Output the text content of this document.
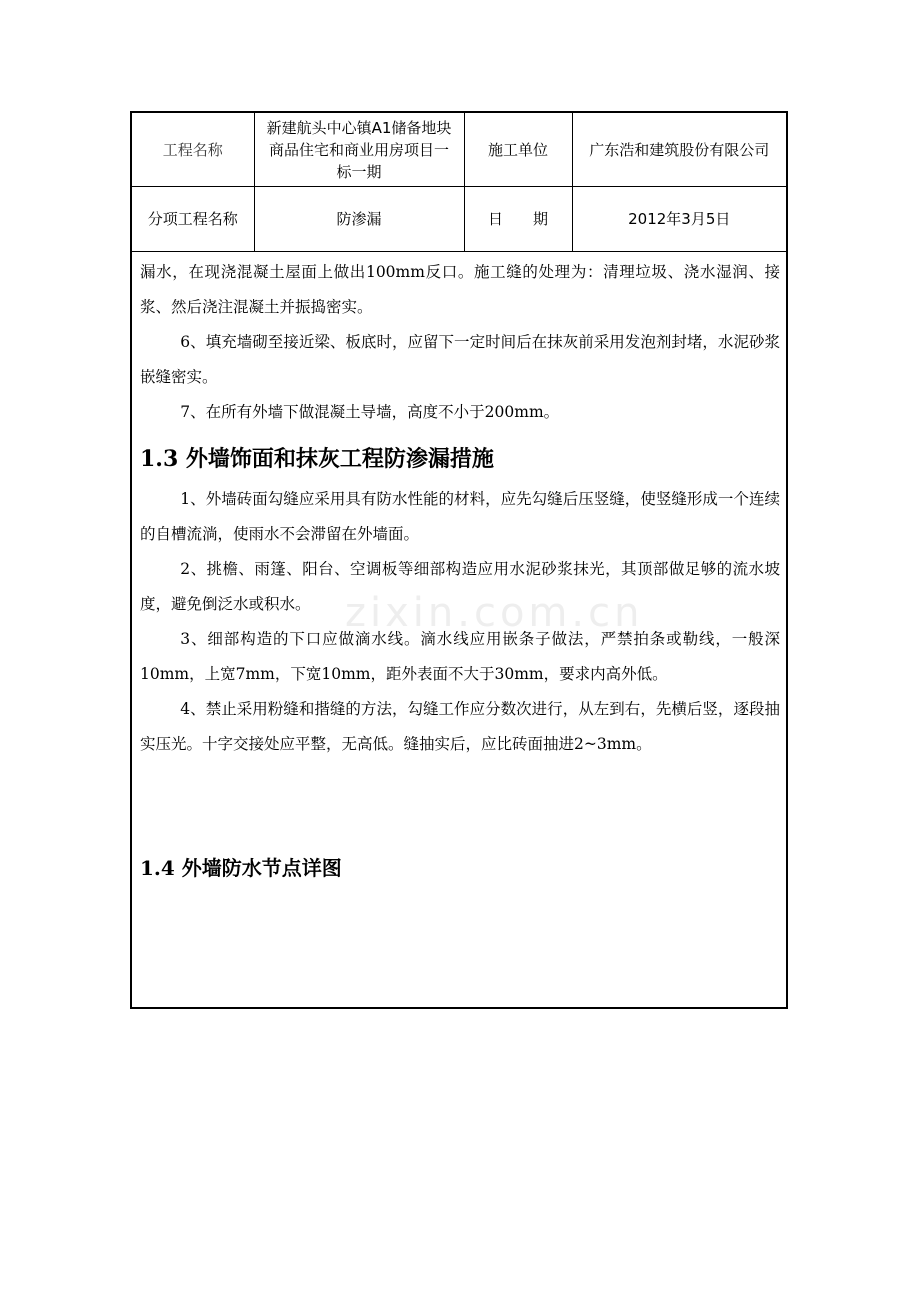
工程名称	新建航头中心镇A1储备地块商品住宅和商业用房项目一标一期	施工单位	广东浩和建筑股份有限公司
分项工程名称	防渗漏	日　　期	2012年3月5日

漏水，在现浇混凝土屋面上做出100mm反口。施工缝的处理为：清理垃圾、浇水湿润、接浆、然后浇注混凝土并振捣密实。

6、填充墙砌至接近梁、板底时，应留下一定时间后在抹灰前采用发泡剂封堵，水泥砂浆嵌缝密实。

7、在所有外墙下做混凝土导墙，高度不小于200mm。

1.3 外墙饰面和抹灰工程防渗漏措施

1、外墙砖面勾缝应采用具有防水性能的材料，应先勾缝后压竖缝，使竖缝形成一个连续的自槽流淌，使雨水不会滞留在外墙面。

2、挑檐、雨篷、阳台、空调板等细部构造应用水泥砂浆抹光，其顶部做足够的流水坡度，避免倒泛水或积水。

3、细部构造的下口应做滴水线。滴水线应用嵌条子做法，严禁拍条或勒线，一般深10mm，上宽7mm，下宽10mm，距外表面不大于30mm，要求内高外低。

4、禁止采用粉缝和揩缝的方法，勾缝工作应分数次进行，从左到右，先横后竖，逐段抽实压光。十字交接处应平整，无高低。缝抽实后，应比砖面抽进2~3mm。

1.4 外墙防水节点详图
zixin.com.cn
